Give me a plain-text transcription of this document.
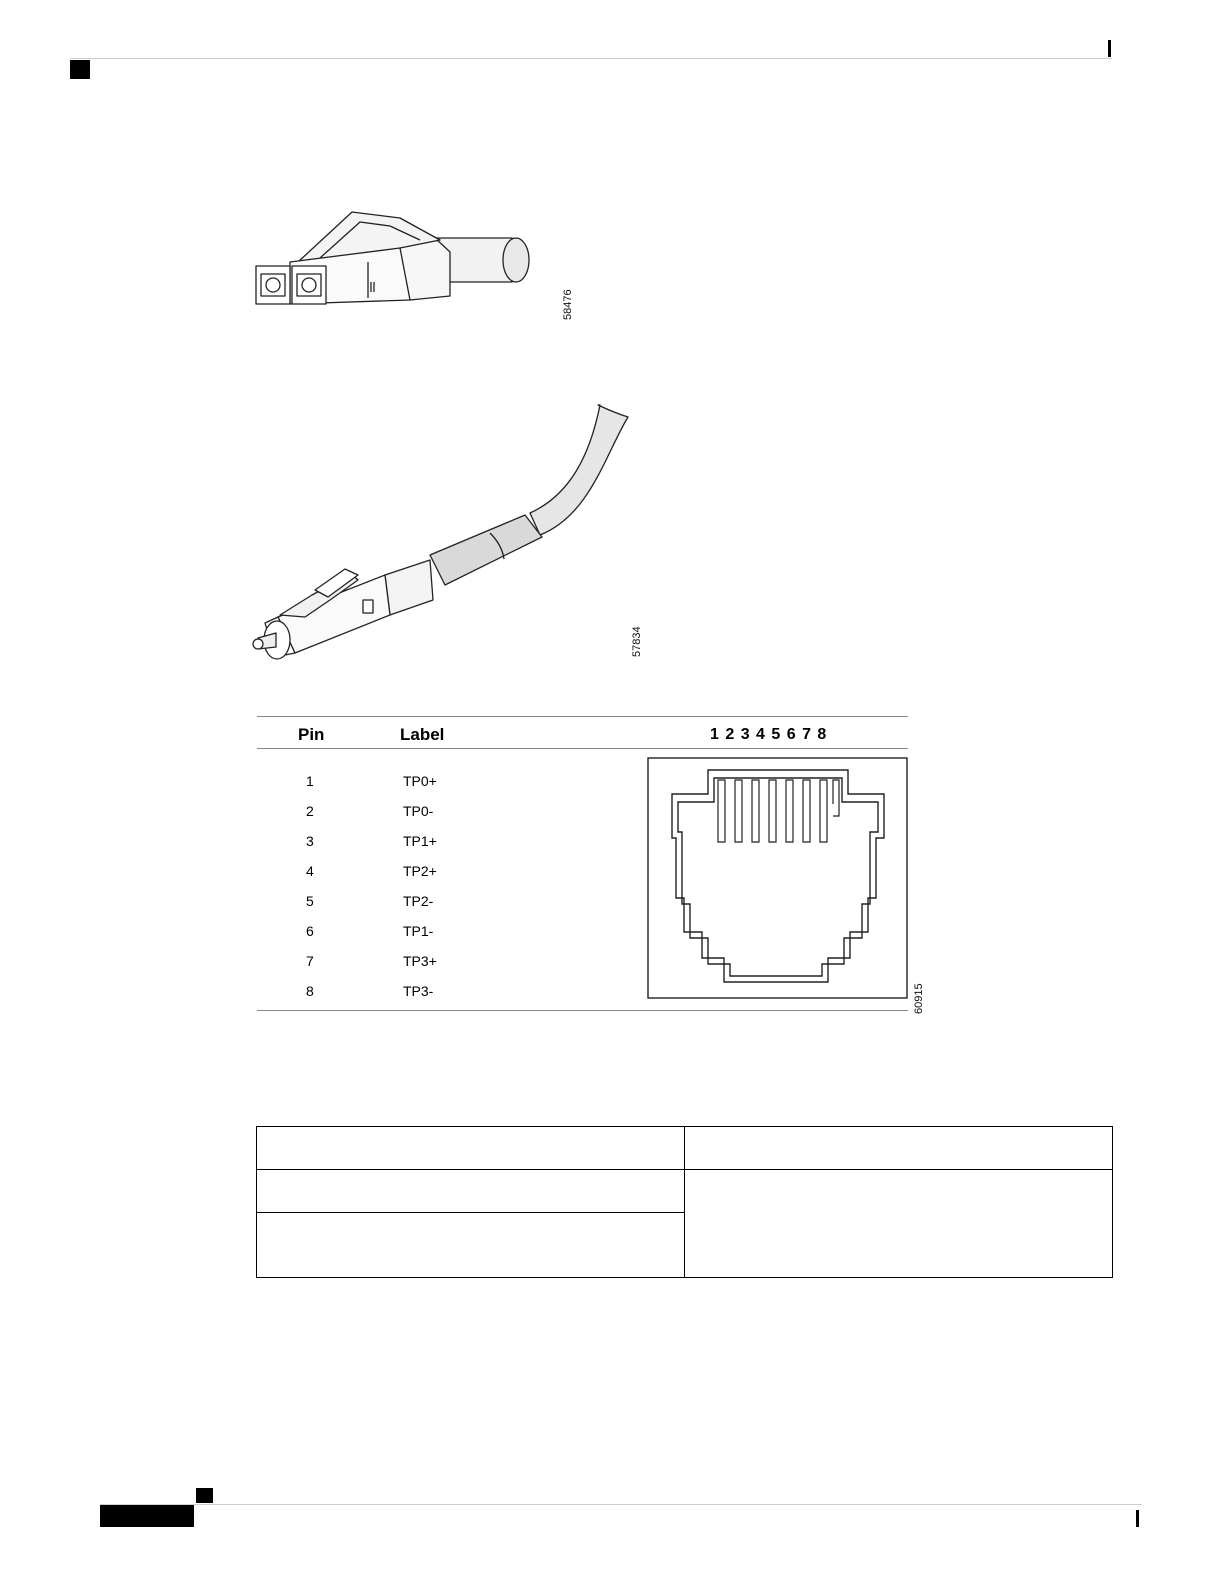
58476
57834
Pin	Label	1 2 3 4 5 6 7 8
1	TP0+
2	TP0-
3	TP1+
4	TP2+
5	TP2-
6	TP1-
7	TP3+
8	TP3-	60915
